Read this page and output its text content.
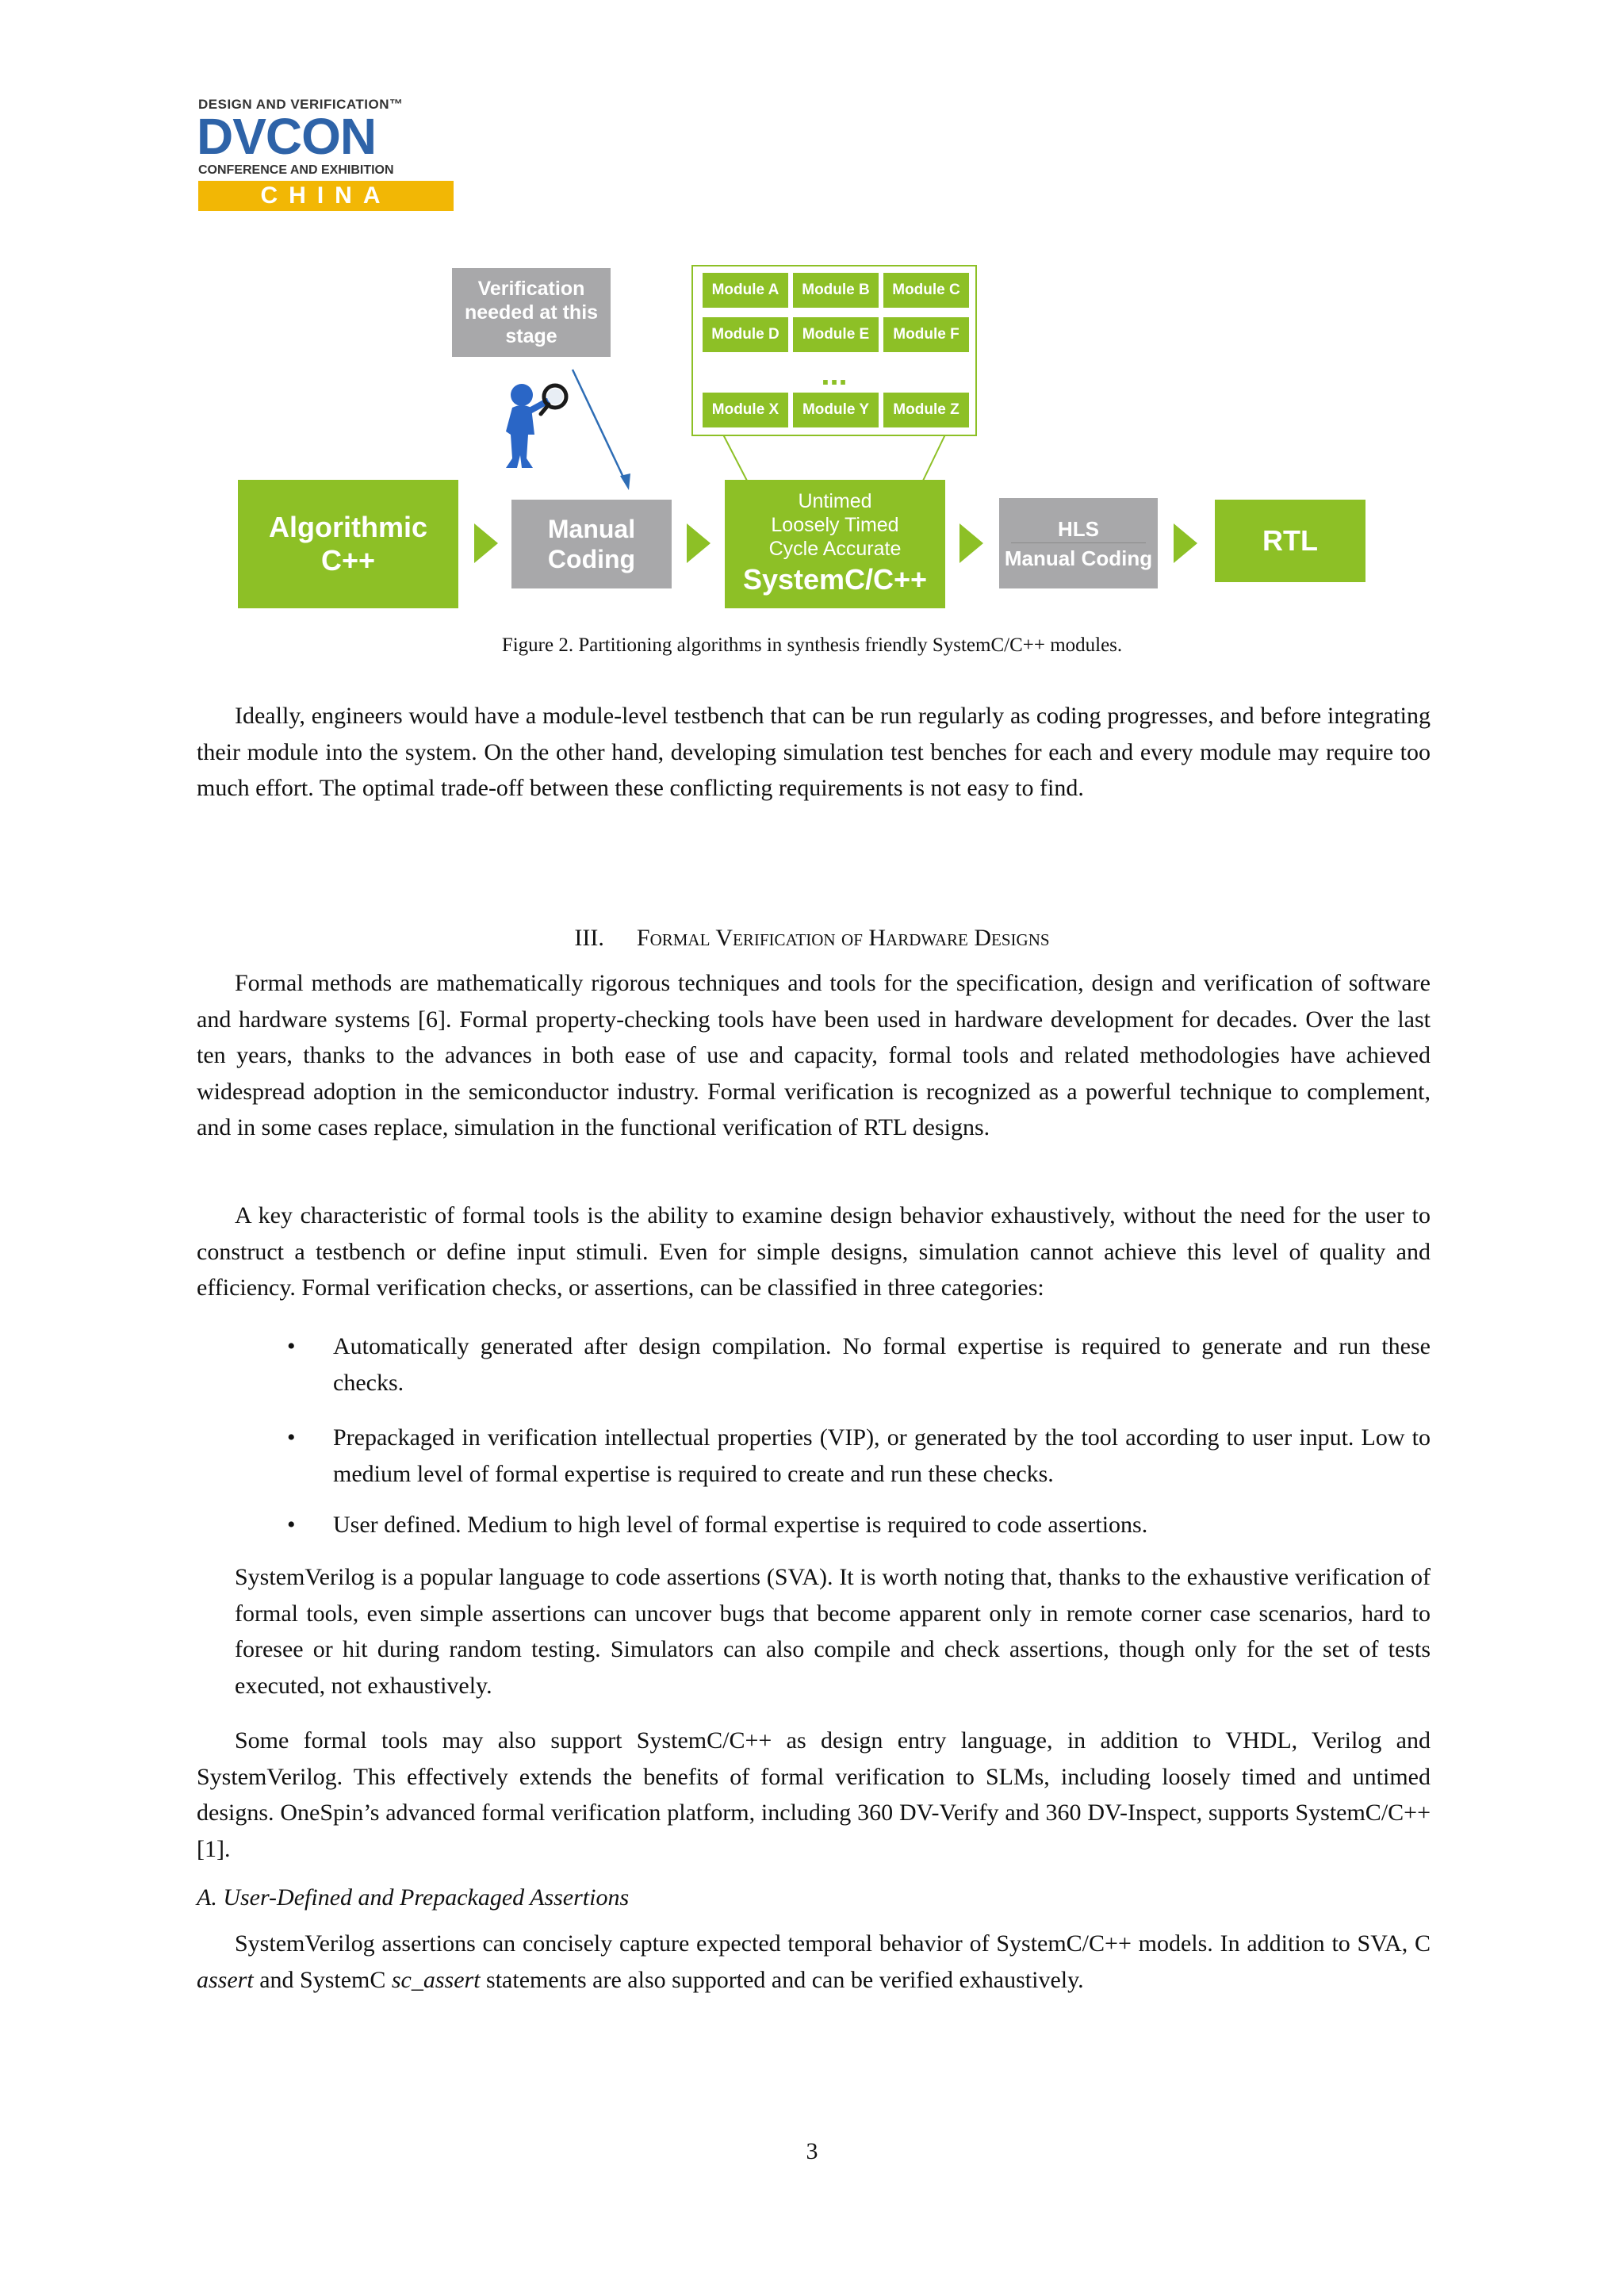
DESIGN AND VERIFICATION™
DVCON
CONFERENCE AND EXHIBITION
CHINA
Verification needed at this stage
Module A	Module B	Module C
Module D	Module E	Module F
...
Module X	Module Y	Module Z
Algorithmic C++
Manual Coding
Untimed
Loosely Timed
Cycle Accurate
SystemC/C++
HLS
Manual Coding
RTL
Figure 2. Partitioning algorithms in synthesis friendly SystemC/C++ modules.
Ideally, engineers would have a module-level testbench that can be run regularly as coding progresses, and before integrating their module into the system. On the other hand, developing simulation test benches for each and every module may require too much effort. The optimal trade-off between these conflicting requirements is not easy to find.
III. Formal Verification of Hardware Designs
Formal methods are mathematically rigorous techniques and tools for the specification, design and verification of software and hardware systems [6]. Formal property-checking tools have been used in hardware development for decades. Over the last ten years, thanks to the advances in both ease of use and capacity, formal tools and related methodologies have achieved widespread adoption in the semiconductor industry. Formal verification is recognized as a powerful technique to complement, and in some cases replace, simulation in the functional verification of RTL designs.
A key characteristic of formal tools is the ability to examine design behavior exhaustively, without the need for the user to construct a testbench or define input stimuli. Even for simple designs, simulation cannot achieve this level of quality and efficiency. Formal verification checks, or assertions, can be classified in three categories:
•	Automatically generated after design compilation. No formal expertise is required to generate and run these checks.
•	Prepackaged in verification intellectual properties (VIP), or generated by the tool according to user input. Low to medium level of formal expertise is required to create and run these checks.
•	User defined. Medium to high level of formal expertise is required to code assertions.
SystemVerilog is a popular language to code assertions (SVA). It is worth noting that, thanks to the exhaustive verification of formal tools, even simple assertions can uncover bugs that become apparent only in remote corner case scenarios, hard to foresee or hit during random testing. Simulators can also compile and check assertions, though only for the set of tests executed, not exhaustively.
Some formal tools may also support SystemC/C++ as design entry language, in addition to VHDL, Verilog and SystemVerilog. This effectively extends the benefits of formal verification to SLMs, including loosely timed and untimed designs. OneSpin’s advanced formal verification platform, including 360 DV-Verify and 360 DV-Inspect, supports SystemC/C++ [1].
A. User-Defined and Prepackaged Assertions
SystemVerilog assertions can concisely capture expected temporal behavior of SystemC/C++ models. In addition to SVA, C assert and SystemC sc_assert statements are also supported and can be verified exhaustively.
3
